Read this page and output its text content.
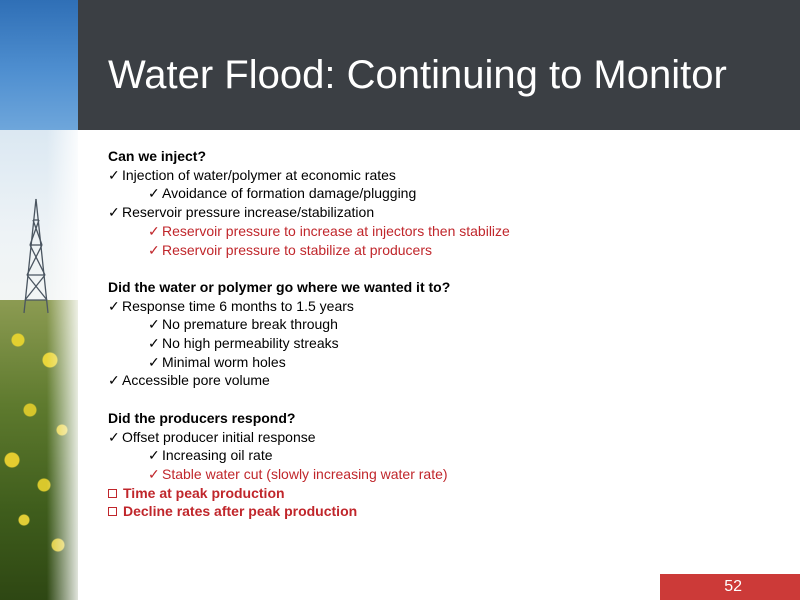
Water Flood: Continuing to Monitor

Can we inject?

✓ Injection of water/polymer at economic rates

✓ Avoidance of formation damage/plugging

✓ Reservoir pressure increase/stabilization

✓ Reservoir pressure to increase at injectors then stabilize

✓ Reservoir pressure to stabilize at producers

Did the water or polymer go where we wanted it to?

✓ Response time 6 months to 1.5 years

✓ No premature break through

✓ No high permeability streaks

✓ Minimal worm holes

✓ Accessible pore volume

Did the producers respond?

✓ Offset producer initial response

✓ Increasing oil rate

✓ Stable water cut (slowly increasing water rate)

Time at peak production

Decline rates after peak production

52
